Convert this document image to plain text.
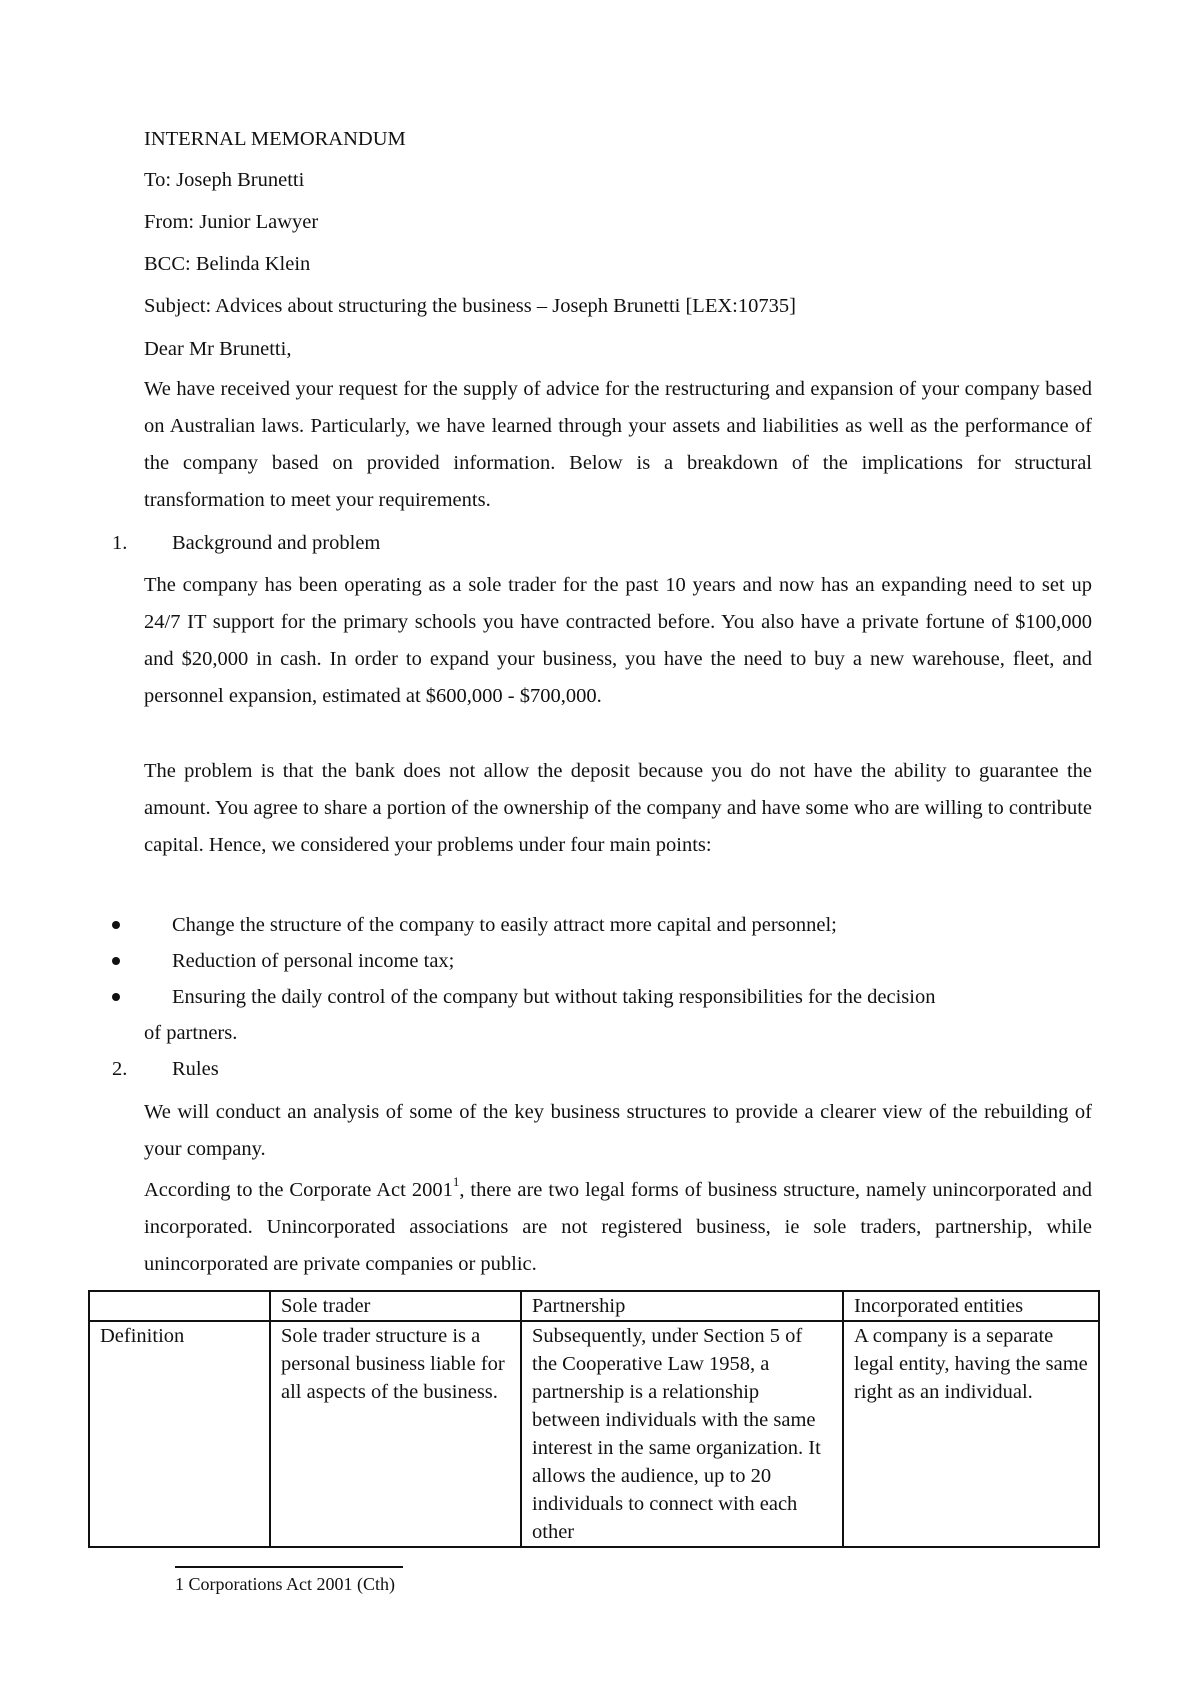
INTERNAL MEMORANDUM
To: Joseph Brunetti
From: Junior Lawyer
BCC: Belinda Klein
Subject: Advices about structuring the business – Joseph Brunetti [LEX:10735]
Dear Mr Brunetti,
We have received your request for the supply of advice for the restructuring and expansion of your company based on Australian laws. Particularly, we have learned through your assets and liabilities as well as the performance of the company based on provided information. Below is a breakdown of the implications for structural transformation to meet your requirements.
1. Background and problem
The company has been operating as a sole trader for the past 10 years and now has an expanding need to set up 24/7 IT support for the primary schools you have contracted before. You also have a private fortune of $100,000 and $20,000 in cash. In order to expand your business, you have the need to buy a new warehouse, fleet, and personnel expansion, estimated at $600,000 - $700,000.
The problem is that the bank does not allow the deposit because you do not have the ability to guarantee the amount. You agree to share a portion of the ownership of the company and have some who are willing to contribute capital. Hence, we considered your problems under four main points:
Change the structure of the company to easily attract more capital and personnel;
Reduction of personal income tax;
Ensuring the daily control of the company but without taking responsibilities for the decision
of partners.
2. Rules
We will conduct an analysis of some of the key business structures to provide a clearer view of the rebuilding of your company.
According to the Corporate Act 2001$^1$, there are two legal forms of business structure, namely unincorporated and incorporated. Unincorporated associations are not registered business, ie sole traders, partnership, while unincorporated are private companies or public.
	Sole trader	Partnership	Incorporated entities
Definition	Sole trader structure is a personal business liable for all aspects of the business.	Subsequently, under Section 5 of the Cooperative Law 1958, a partnership is a relationship between individuals with the same interest in the same organization. It allows the audience, up to 20 individuals to connect with each other	A company is a separate legal entity, having the same right as an individual.
1 Corporations Act 2001 (Cth)
